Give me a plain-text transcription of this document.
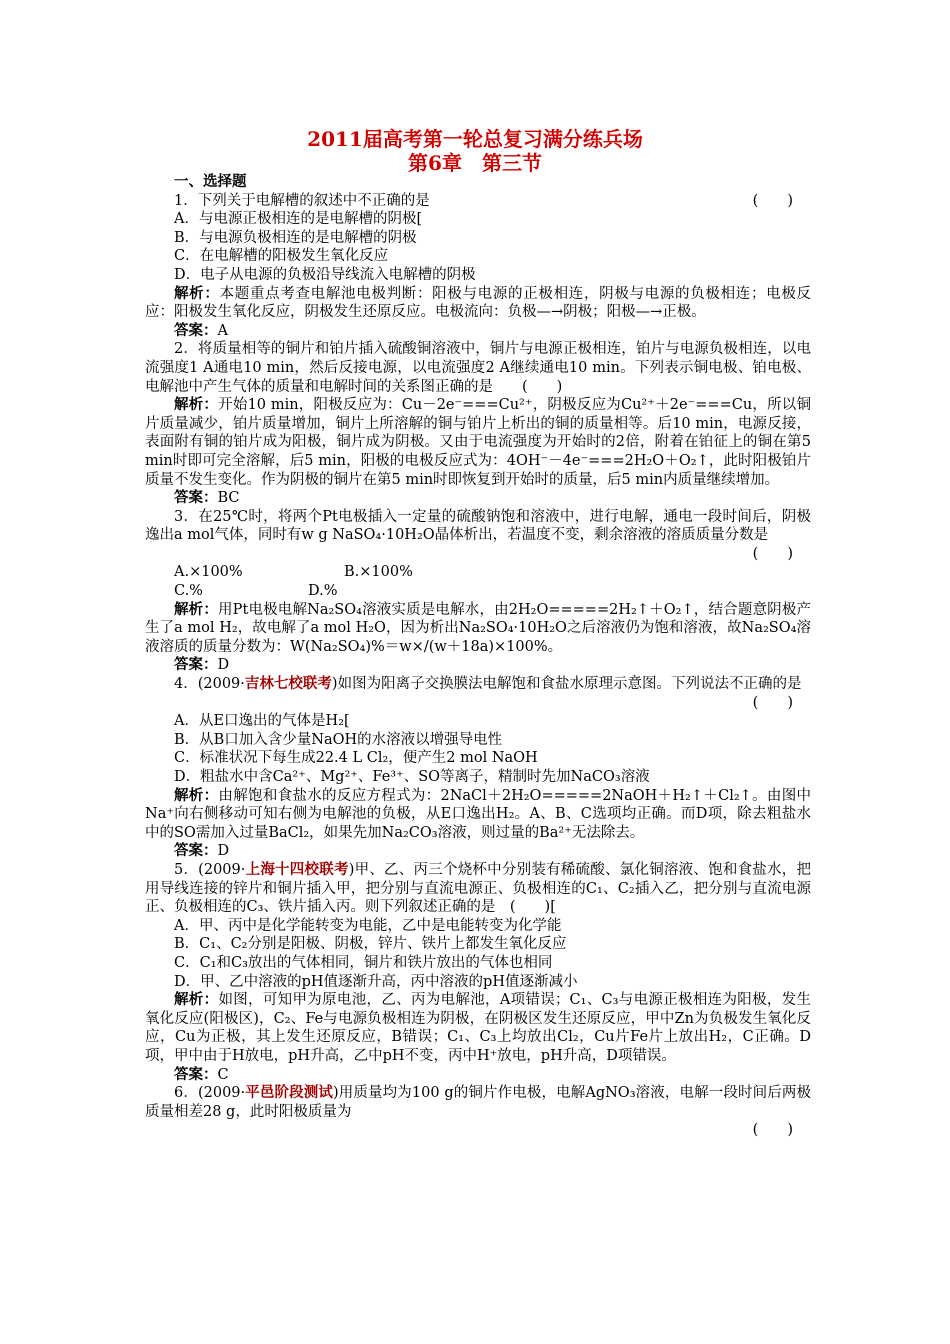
2011届高考第一轮总复习满分练兵场
第6章　第三节

一、选择题

1．下列关于电解槽的叙述中不正确的是	(　　)

A．与电源正极相连的是电解槽的阴极[

B．与电源负极相连的是电解槽的阴极

C．在电解槽的阳极发生氧化反应

D．电子从电源的负极沿导线流入电解槽的阴极

解析：本题重点考查电解池电极判断：阳极与电源的正极相连，阴极与电源的负极相连；电极反应：阳极发生氧化反应，阴极发生还原反应。电极流向：负极—→阴极；阳极—→正极。

答案：A

2．将质量相等的铜片和铂片插入硫酸铜溶液中，铜片与电源正极相连，铂片与电源负极相连，以电流强度1 A通电10 min，然后反接电源，以电流强度2 A继续通电10 min。下列表示铜电极、铂电极、电解池中产生气体的质量和电解时间的关系图正确的是　　(　　)

解析：开始10 min，阳极反应为：Cu－2e⁻===Cu²⁺，阴极反应为Cu²⁺＋2e⁻===Cu，所以铜片质量减少，铂片质量增加，铜片上所溶解的铜与铂片上析出的铜的质量相等。后10 min，电源反接，表面附有铜的铂片成为阳极，铜片成为阴极。又由于电流强度为开始时的2倍，附着在铂征上的铜在第5 min时即可完全溶解，后5 min，阳极的电极反应式为：4OH⁻－4e⁻===2H₂O＋O₂↑，此时阳极铂片质量不发生变化。作为阴极的铜片在第5 min时即恢复到开始时的质量，后5 min内质量继续增加。

答案：BC

3．在25℃时，将两个Pt电极插入一定量的硫酸钠饱和溶液中，进行电解，通电一段时间后，阴极逸出a mol气体，同时有w g NaSO₄·10H₂O晶体析出，若温度不变，剩余溶液的溶质质量分数是

(　　)
A.×100%	B.×100%
C.%	D.%

解析：用Pt电极电解Na₂SO₄溶液实质是电解水，由2H₂O=====2H₂↑＋O₂↑，结合题意阴极产生了a mol H₂，故电解了a mol H₂O，因为析出Na₂SO₄·10H₂O之后溶液仍为饱和溶液，故Na₂SO₄溶液溶质的质量分数为：W(Na₂SO₄)%＝w×/(w＋18a)×100%。

答案：D

4．(2009·吉林七校联考)如图为阳离子交换膜法电解饱和食盐水原理示意图。下列说法不正确的是

(　　)

A．从E口逸出的气体是H₂[

B．从B口加入含少量NaOH的水溶液以增强导电性

C．标准状况下每生成22.4 L Cl₂，便产生2 mol NaOH

D．粗盐水中含Ca²⁺、Mg²⁺、Fe³⁺、SO等离子，精制时先加NaCO₃溶液

解析：由解饱和食盐水的反应方程式为：2NaCl＋2H₂O=====2NaOH＋H₂↑＋Cl₂↑。由图中Na⁺向右侧移动可知右侧为电解池的负极，从E口逸出H₂。A、B、C选项均正确。而D项，除去粗盐水中的SO需加入过量BaCl₂，如果先加Na₂CO₃溶液，则过量的Ba²⁺无法除去。

答案：D

5．(2009·上海十四校联考)甲、乙、丙三个烧杯中分别装有稀硫酸、氯化铜溶液、饱和食盐水，把用导线连接的锌片和铜片插入甲，把分别与直流电源正、负极相连的C₁、C₂插入乙，把分别与直流电源正、负极相连的C₃、铁片插入丙。则下列叙述正确的是　(　　)[

A．甲、丙中是化学能转变为电能，乙中是电能转变为化学能

B．C₁、C₂分别是阳极、阴极，锌片、铁片上都发生氧化反应

C．C₁和C₃放出的气体相同，铜片和铁片放出的气体也相同

D．甲、乙中溶液的pH值逐渐升高，丙中溶液的pH值逐渐减小

解析：如图，可知甲为原电池，乙、丙为电解池，A项错误；C₁、C₃与电源正极相连为阳极，发生氧化反应(阳极区)，C₂、Fe与电源负极相连为阴极，在阴极区发生还原反应，甲中Zn为负极发生氧化反应，Cu为正极，其上发生还原反应，B错误；C₁、C₃上均放出Cl₂，Cu片Fe片上放出H₂，C正确。D项，甲中由于H放电，pH升高，乙中pH不变，丙中H⁺放电，pH升高，D项错误。

答案：C

6．(2009·平邑阶段测试)用质量均为100 g的铜片作电极，电解AgNO₃溶液，电解一段时间后两极质量相差28 g，此时阳极质量为

(　　)
